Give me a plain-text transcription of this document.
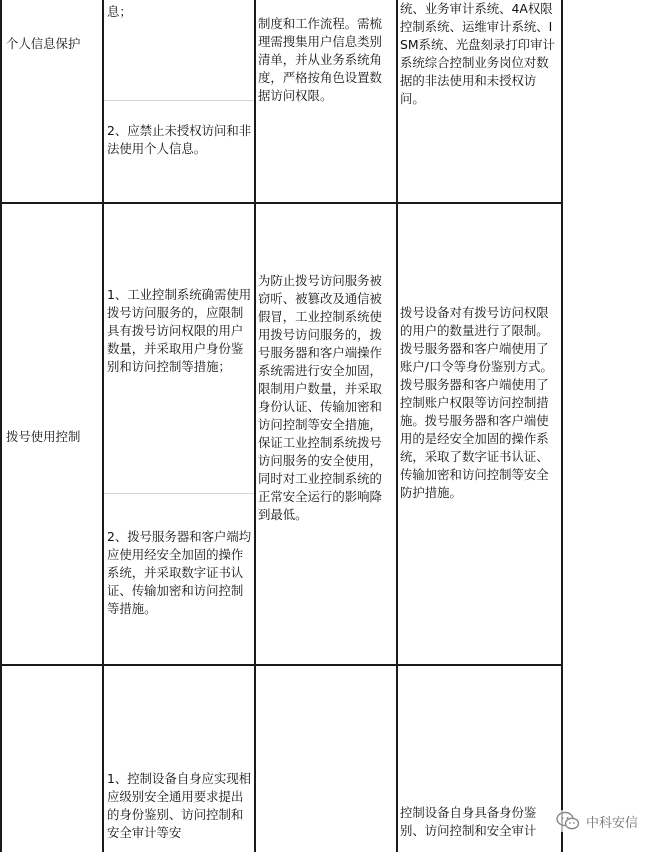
个人信息保护
息；
2、应禁止未授权访问和非法使用个人信息。
制度和工作流程。需梳理需搜集用户信息类别清单，并从业务系统角度，严格按角色设置数据访问权限。
统、业务审计系统、4A权限控制系统、运维审计系统、ISM系统、光盘刻录打印审计系统综合控制业务岗位对数据的非法使用和未授权访问。
拨号使用控制
1、工业控制系统确需使用拨号访问服务的，应限制具有拨号访问权限的用户数量，并采取用户身份鉴别和访问控制等措施；
2、拨号服务器和客户端均应使用经安全加固的操作系统，并采取数字证书认证、传输加密和访问控制等措施。
为防止拨号访问服务被窃听、被篡改及通信被假冒，工业控制系统使用拨号访问服务的，拨号服务器和客户端操作系统需进行安全加固，限制用户数量，并采取身份认证、传输加密和访问控制等安全措施，保证工业控制系统拨号访问服务的安全使用，同时对工业控制系统的正常安全运行的影响降到最低。
拨号设备对有拨号访问权限的用户的数量进行了限制。拨号服务器和客户端使用了账户/口令等身份鉴别方式。拨号服务器和客户端使用了控制账户权限等访问控制措施。拨号服务器和客户端使用的是经安全加固的操作系统，采取了数字证书认证、传输加密和访问控制等安全防护措施。
1、控制设备自身应实现相应级别安全通用要求提出的身份鉴别、访问控制和安全审计等安
控制设备自身具备身份鉴别、访问控制和安全审计	中科安信
